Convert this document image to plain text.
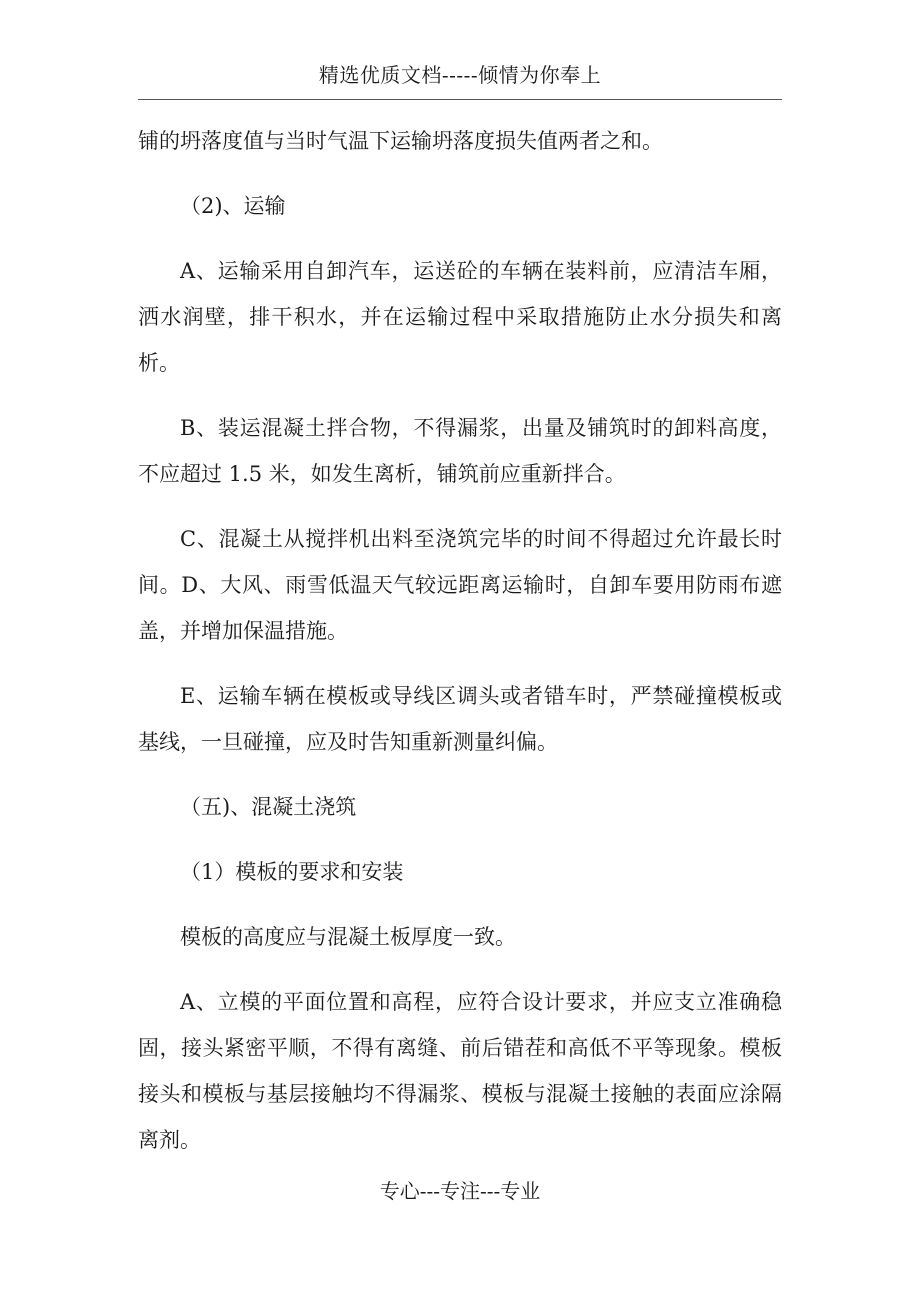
精选优质文档-----倾情为你奉上

铺的坍落度值与当时气温下运输坍落度损失值两者之和。

（2)、运输

A、运输采用自卸汽车，运送砼的车辆在装料前，应清洁车厢，洒水润壁，排干积水，并在运输过程中采取措施防止水分损失和离析。

B、装运混凝土拌合物，不得漏浆，出量及铺筑时的卸料高度，不应超过 1.5 米，如发生离析，铺筑前应重新拌合。

C、混凝土从搅拌机出料至浇筑完毕的时间不得超过允许最长时间。D、大风、雨雪低温天气较远距离运输时，自卸车要用防雨布遮盖，并增加保温措施。

E、运输车辆在模板或导线区调头或者错车时，严禁碰撞模板或基线，一旦碰撞，应及时告知重新测量纠偏。

（五)、混凝土浇筑

（1）模板的要求和安装

模板的高度应与混凝土板厚度一致。

A、立模的平面位置和高程，应符合设计要求，并应支立准确稳固，接头紧密平顺，不得有离缝、前后错茬和高低不平等现象。模板接头和模板与基层接触均不得漏浆、模板与混凝土接触的表面应涂隔离剂。

专心---专注---专业
